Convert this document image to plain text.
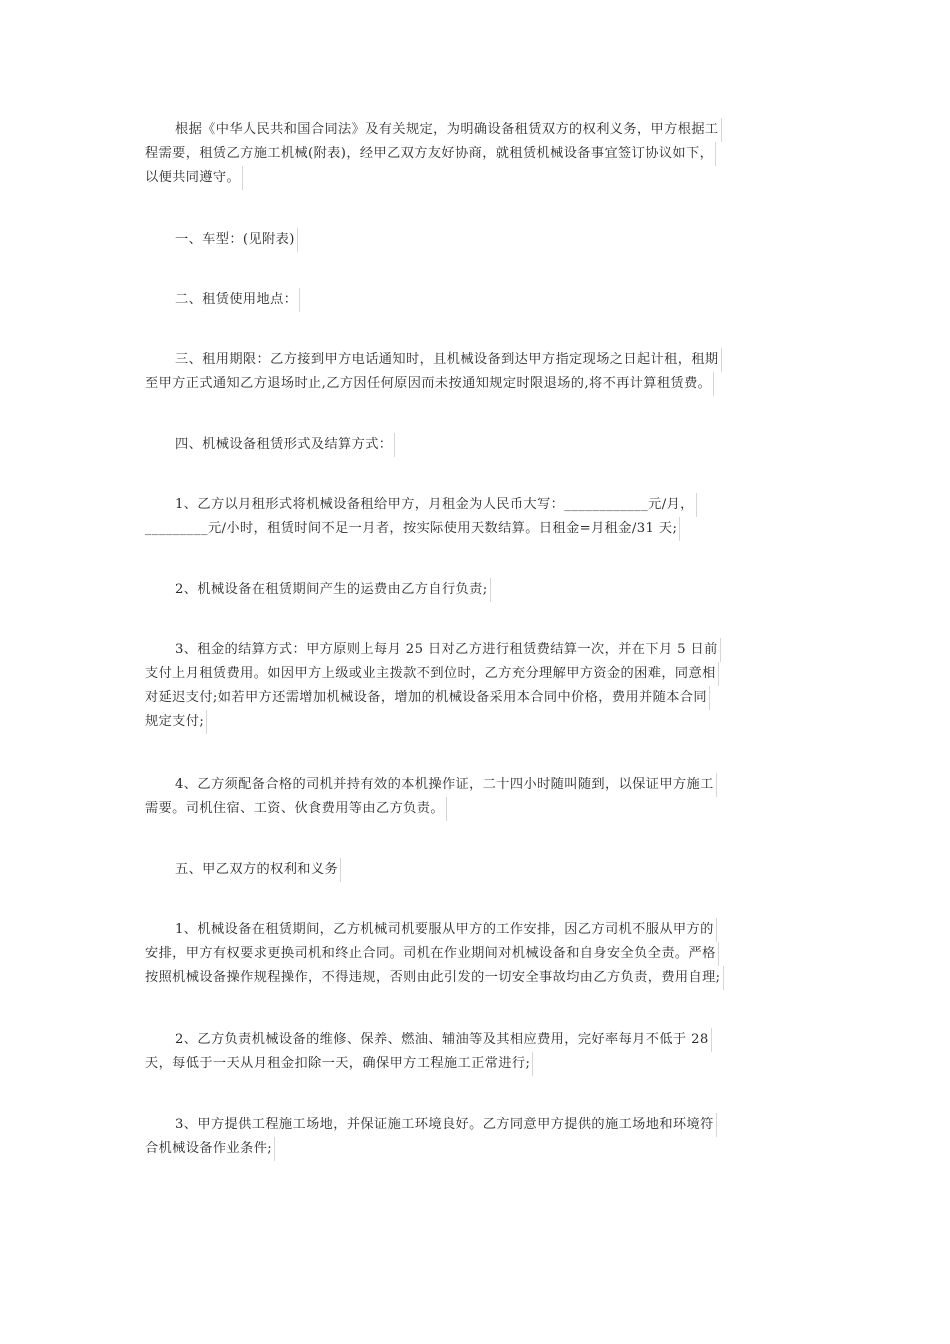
根据《中华人民共和国合同法》及有关规定，为明确设备租赁双方的权利义务，甲方根据工
程需要，租赁乙方施工机械(附表)，经甲乙双方友好协商，就租赁机械设备事宜签订协议如下，
以便共同遵守。
一、车型：(见附表)
二、租赁使用地点：
三、租用期限：乙方接到甲方电话通知时，且机械设备到达甲方指定现场之日起计租，租期
至甲方正式通知乙方退场时止,乙方因任何原因而未按通知规定时限退场的,将不再计算租赁费。
四、机械设备租赁形式及结算方式：
1、乙方以月租形式将机械设备租给甲方，月租金为人民币大写：____________元/月，
_________元/小时，租赁时间不足一月者，按实际使用天数结算。日租金=月租金/31 天;
2、机械设备在租赁期间产生的运费由乙方自行负责;
3、租金的结算方式：甲方原则上每月 25 日对乙方进行租赁费结算一次，并在下月 5 日前
支付上月租赁费用。如因甲方上级或业主拨款不到位时，乙方充分理解甲方资金的困难，同意相
对延迟支付;如若甲方还需增加机械设备，增加的机械设备采用本合同中价格，费用并随本合同
规定支付;
4、乙方须配备合格的司机并持有效的本机操作证，二十四小时随叫随到，以保证甲方施工
需要。司机住宿、工资、伙食费用等由乙方负责。
五、甲乙双方的权利和义务
1、机械设备在租赁期间，乙方机械司机要服从甲方的工作安排，因乙方司机不服从甲方的
安排，甲方有权要求更换司机和终止合同。司机在作业期间对机械设备和自身安全负全责。严格
按照机械设备操作规程操作，不得违规，否则由此引发的一切安全事故均由乙方负责，费用自理;
2、乙方负责机械设备的维修、保养、燃油、辅油等及其相应费用，完好率每月不低于 28
天，每低于一天从月租金扣除一天，确保甲方工程施工正常进行;
3、甲方提供工程施工场地，并保证施工环境良好。乙方同意甲方提供的施工场地和环境符
合机械设备作业条件;
